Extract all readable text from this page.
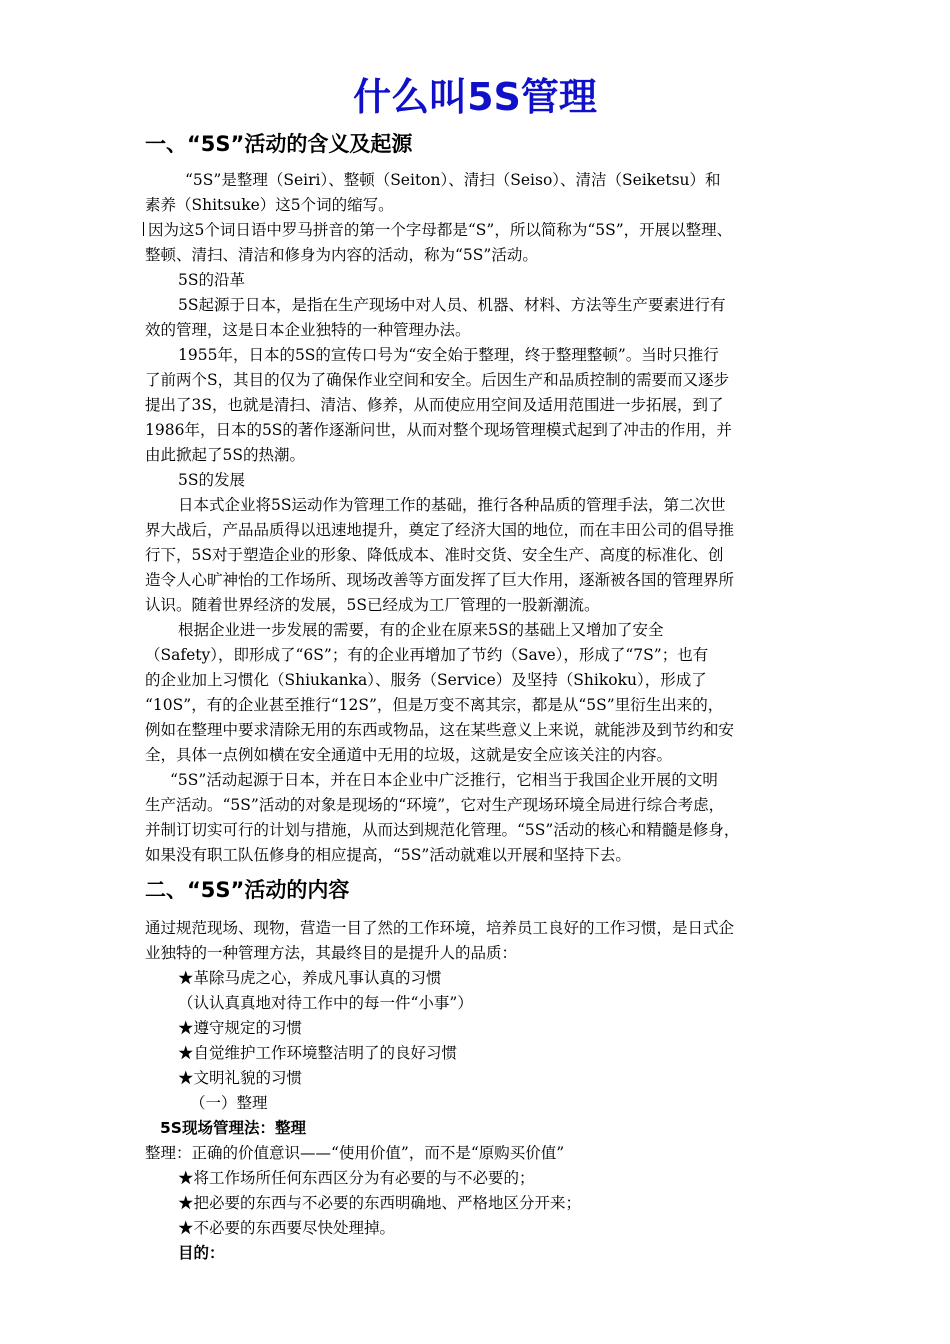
什么叫5S管理
一、“5S”活动的含义及起源
“5S”是整理（Seiri）、整顿（Seiton）、清扫（Seiso）、清洁（Seiketsu）和
素养（Shitsuke）这5个词的缩写。
因为这5个词日语中罗马拼音的第一个字母都是“S”，所以简称为“5S”，开展以整理、
整顿、清扫、清洁和修身为内容的活动，称为“5S”活动。
5S的沿革
5S起源于日本，是指在生产现场中对人员、机器、材料、方法等生产要素进行有
效的管理，这是日本企业独特的一种管理办法。
1955年，日本的5S的宣传口号为“安全始于整理，终于整理整顿”。当时只推行
了前两个S，其目的仅为了确保作业空间和安全。后因生产和品质控制的需要而又逐步
提出了3S，也就是清扫、清洁、修养，从而使应用空间及适用范围进一步拓展，到了
1986年，日本的5S的著作逐渐问世，从而对整个现场管理模式起到了冲击的作用，并
由此掀起了5S的热潮。
5S的发展
日本式企业将5S运动作为管理工作的基础，推行各种品质的管理手法，第二次世
界大战后，产品品质得以迅速地提升，奠定了经济大国的地位，而在丰田公司的倡导推
行下，5S对于塑造企业的形象、降低成本、准时交货、安全生产、高度的标准化、创
造令人心旷神怡的工作场所、现场改善等方面发挥了巨大作用，逐渐被各国的管理界所
认识。随着世界经济的发展，5S已经成为工厂管理的一股新潮流。
根据企业进一步发展的需要，有的企业在原来5S的基础上又增加了安全
（Safety），即形成了“6S”；有的企业再增加了节约（Save），形成了“7S”；也有
的企业加上习惯化（Shiukanka）、服务（Service）及坚持（Shikoku），形成了
“10S”，有的企业甚至推行“12S”，但是万变不离其宗，都是从“5S”里衍生出来的，
例如在整理中要求清除无用的东西或物品，这在某些意义上来说，就能涉及到节约和安
全，具体一点例如横在安全通道中无用的垃圾，这就是安全应该关注的内容。
“5S”活动起源于日本，并在日本企业中广泛推行，它相当于我国企业开展的文明
生产活动。“5S”活动的对象是现场的“环境”，它对生产现场环境全局进行综合考虑，
并制订切实可行的计划与措施，从而达到规范化管理。“5S”活动的核心和精髓是修身，
如果没有职工队伍修身的相应提高，“5S”活动就难以开展和坚持下去。
二、“5S”活动的内容
通过规范现场、现物，营造一目了然的工作环境，培养员工良好的工作习惯，是日式企
业独特的一种管理方法，其最终目的是提升人的品质：
★革除马虎之心，养成凡事认真的习惯
（认认真真地对待工作中的每一件“小事”）
★遵守规定的习惯
★自觉维护工作环境整洁明了的良好习惯
★文明礼貌的习惯
（一）整理
5S现场管理法：整理
整理：正确的价值意识——“使用价值”，而不是“原购买价值”
★将工作场所任何东西区分为有必要的与不必要的；
★把必要的东西与不必要的东西明确地、严格地区分开来；
★不必要的东西要尽快处理掉。
目的：
